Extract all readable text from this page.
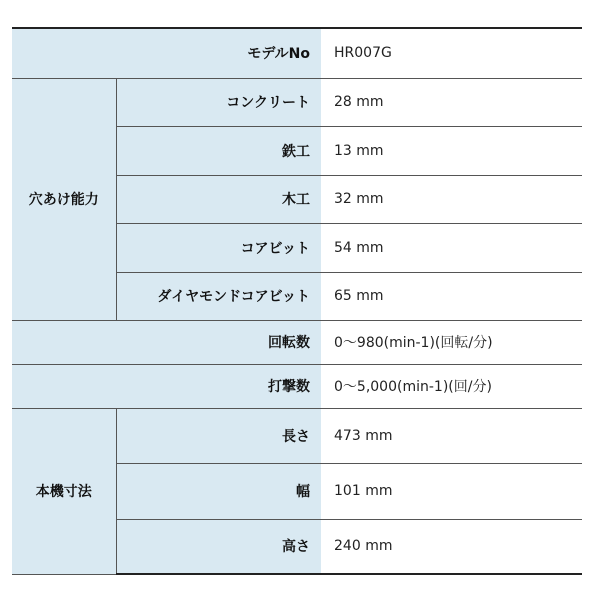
モデルNo		HR007G
穴あけ能力	コンクリート	28 mm
	鉄工	13 mm
	木工	32 mm
	コアビット	54 mm
	ダイヤモンドコアビット	65 mm
回転数		0～980(min-1)(回転/分)
打撃数		0～5,000(min-1)(回/分)
本機寸法	長さ	473 mm
	幅	101 mm
	高さ	240 mm
